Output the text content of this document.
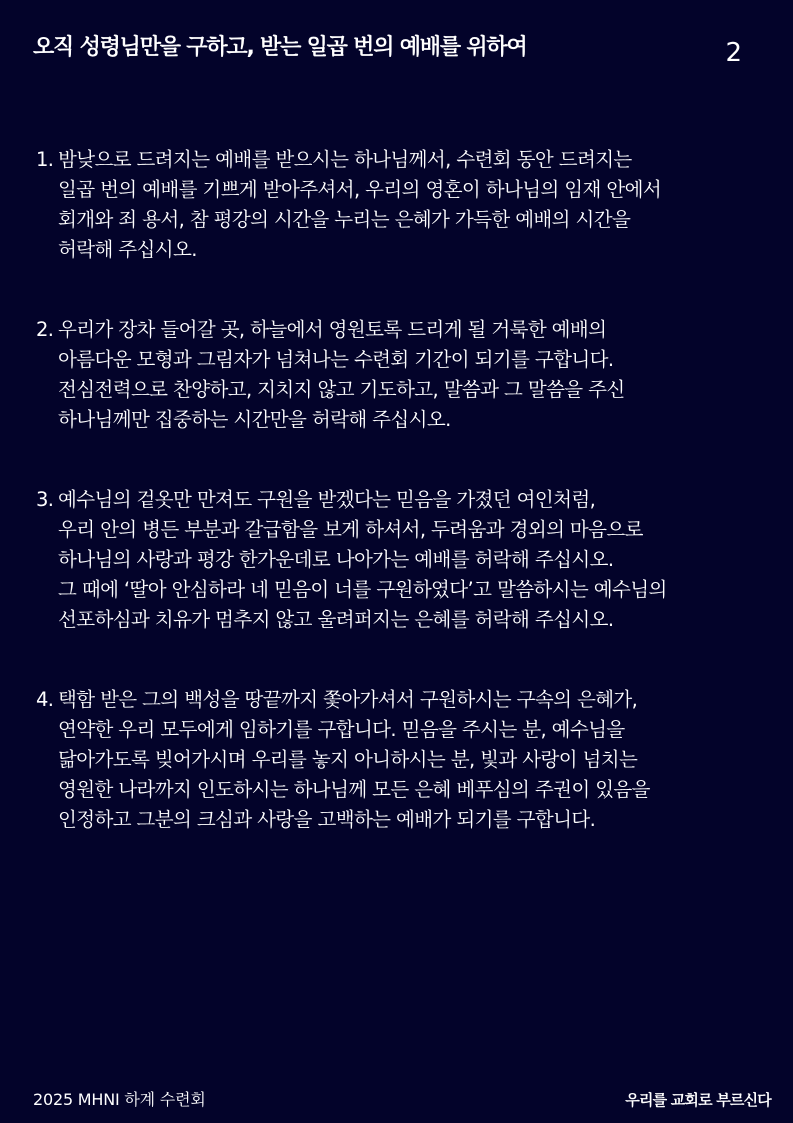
오직 성령님만을 구하고, 받는 일곱 번의 예배를 위하여	2
1. 밤낮으로 드려지는 예배를 받으시는 하나님께서, 수련회 동안 드려지는
일곱 번의 예배를 기쁘게 받아주셔서, 우리의 영혼이 하나님의 임재 안에서
회개와 죄 용서, 참 평강의 시간을 누리는 은혜가 가득한 예배의 시간을
허락해 주십시오.
2. 우리가 장차 들어갈 곳, 하늘에서 영원토록 드리게 될 거룩한 예배의
아름다운 모형과 그림자가 넘쳐나는 수련회 기간이 되기를 구합니다.
전심전력으로 찬양하고, 지치지 않고 기도하고, 말씀과 그 말씀을 주신
하나님께만 집중하는 시간만을 허락해 주십시오.
3. 예수님의 겉옷만 만져도 구원을 받겠다는 믿음을 가졌던 여인처럼,
우리 안의 병든 부분과 갈급함을 보게 하셔서, 두려움과 경외의 마음으로
하나님의 사랑과 평강 한가운데로 나아가는 예배를 허락해 주십시오.
그 때에 ‘딸아 안심하라 네 믿음이 너를 구원하였다’고 말씀하시는 예수님의
선포하심과 치유가 멈추지 않고 울려퍼지는 은혜를 허락해 주십시오.
4. 택함 받은 그의 백성을 땅끝까지 쫓아가셔서 구원하시는 구속의 은혜가,
연약한 우리 모두에게 임하기를 구합니다. 믿음을 주시는 분, 예수님을
닮아가도록 빚어가시며 우리를 놓지 아니하시는 분, 빛과 사랑이 넘치는
영원한 나라까지 인도하시는 하나님께 모든 은혜 베푸심의 주권이 있음을
인정하고 그분의 크심과 사랑을 고백하는 예배가 되기를 구합니다.
2025 MHNI 하계 수련회	우리를 교회로 부르신다
